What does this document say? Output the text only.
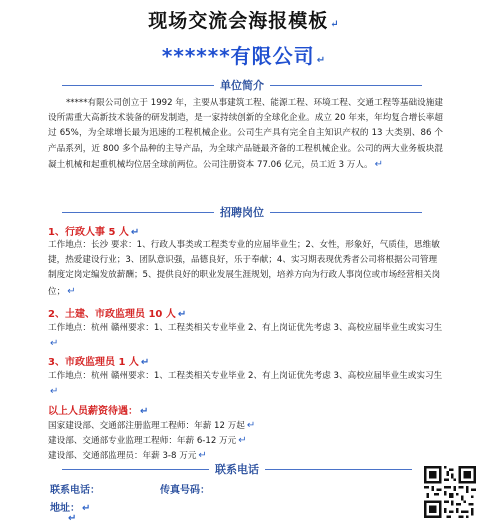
现场交流会海报模板 ↵
******有限公司 ↵
单位简介
*****有限公司创立于 1992 年，主要从事建筑工程、能源工程、环境工程、交通工程等基础设施建设所需重大高新技术装备的研发制造，是一家持续创新的全球化企业。成立 20 年来，年均复合增长率超过 65%，为全球增长最为迅速的工程机械企业。公司生产具有完全自主知识产权的 13 大类别、86 个产品系列，近 800 多个品种的主导产品，为全球产品链最齐备的工程机械企业。公司的两大业务板块混凝土机械和起重机械均位居全球前两位。公司注册资本 77.06 亿元，员工近 3 万人。 ↵
招聘岗位
1、行政人事 5 人 ↵
工作地点：长沙 要求：1、行政人事类或工程类专业的应届毕业生；2、女性，形象好，气质佳，思维敏捷，热爱建设行业；3、团队意识强，品德良好，乐于奉献；4、实习期表现优秀者公司将根据公司管理制度定岗定编发放薪酬；5、提供良好的职业发展生涯规划，培养方向为行政人事岗位或市场经营相关岗位； ↵
2、土建、市政监理员 10 人 ↵
工作地点：杭州 赣州要求：1、工程类相关专业毕业 2、有上岗证优先考虑 3、高校应届毕业生或实习生↵
3、市政监理员 1 人 ↵
工作地点：杭州 赣州要求：1、工程类相关专业毕业 2、有上岗证优先考虑 3、高校应届毕业生或实习生↵
以上人员薪资待遇： ↵
国家建设部、交通部注册监理工程师：年薪 12 万起 ↵
建设部、交通部专业监理工程师：年薪 6-12 万元 ↵
建设部、交通部监理员：年薪 3-8 万元 ↵
联系电话
联系电话：	传真号码：
地址： ↵
↵
